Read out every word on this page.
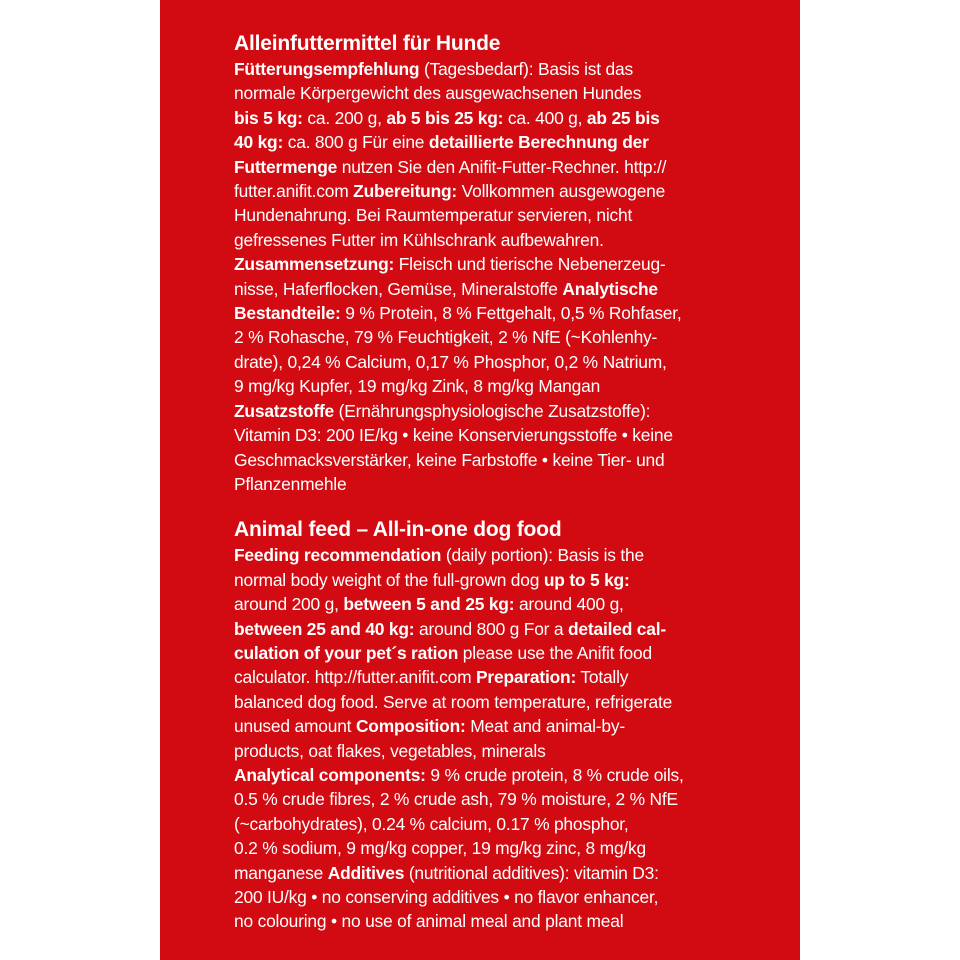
Alleinfuttermittel für Hunde
Fütterungsempfehlung (Tagesbedarf): Basis ist das
normale Körpergewicht des ausgewachsenen Hundes
bis 5 kg: ca. 200 g, ab 5 bis 25 kg: ca. 400 g, ab 25 bis
40 kg: ca. 800 g Für eine detaillierte Berechnung der
Futtermenge nutzen Sie den Anifit-Futter-Rechner. http://
futter.anifit.com Zubereitung: Vollkommen ausgewogene
Hundenahrung. Bei Raumtemperatur servieren, nicht
gefressenes Futter im Kühlschrank aufbewahren.
Zusammensetzung: Fleisch und tierische Nebenerzeug-
nisse, Haferflocken, Gemüse, Mineralstoffe Analytische
Bestandteile: 9 % Protein, 8 % Fettgehalt, 0,5 % Rohfaser,
2 % Rohasche, 79 % Feuchtigkeit, 2 % NfE (~Kohlenhy-
drate), 0,24 % Calcium, 0,17 % Phosphor, 0,2 % Natrium,
9 mg/kg Kupfer, 19 mg/kg Zink, 8 mg/kg Mangan
Zusatzstoffe (Ernährungsphysiologische Zusatzstoffe):
Vitamin D3: 200 IE/kg • keine Konservierungsstoffe • keine
Geschmacksverstärker, keine Farbstoffe • keine Tier- und
Pflanzenmehle
Animal feed – All-in-one dog food
Feeding recommendation (daily portion): Basis is the
normal body weight of the full-grown dog up to 5 kg:
around 200 g, between 5 and 25 kg: around 400 g,
between 25 and 40 kg: around 800 g For a detailed cal-
culation of your pet´s ration please use the Anifit food
calculator. http://futter.anifit.com Preparation: Totally
balanced dog food. Serve at room temperature, refrigerate
unused amount Composition: Meat and animal-by-
products, oat flakes, vegetables, minerals
Analytical components: 9 % crude protein, 8 % crude oils,
0.5 % crude fibres, 2 % crude ash, 79 % moisture, 2 % NfE
(~carbohydrates), 0.24 % calcium, 0.17 % phosphor,
0.2 % sodium, 9 mg/kg copper, 19 mg/kg zinc, 8 mg/kg
manganese Additives (nutritional additives): vitamin D3:
200 IU/kg • no conserving additives • no flavor enhancer,
no colouring • no use of animal meal and plant meal
